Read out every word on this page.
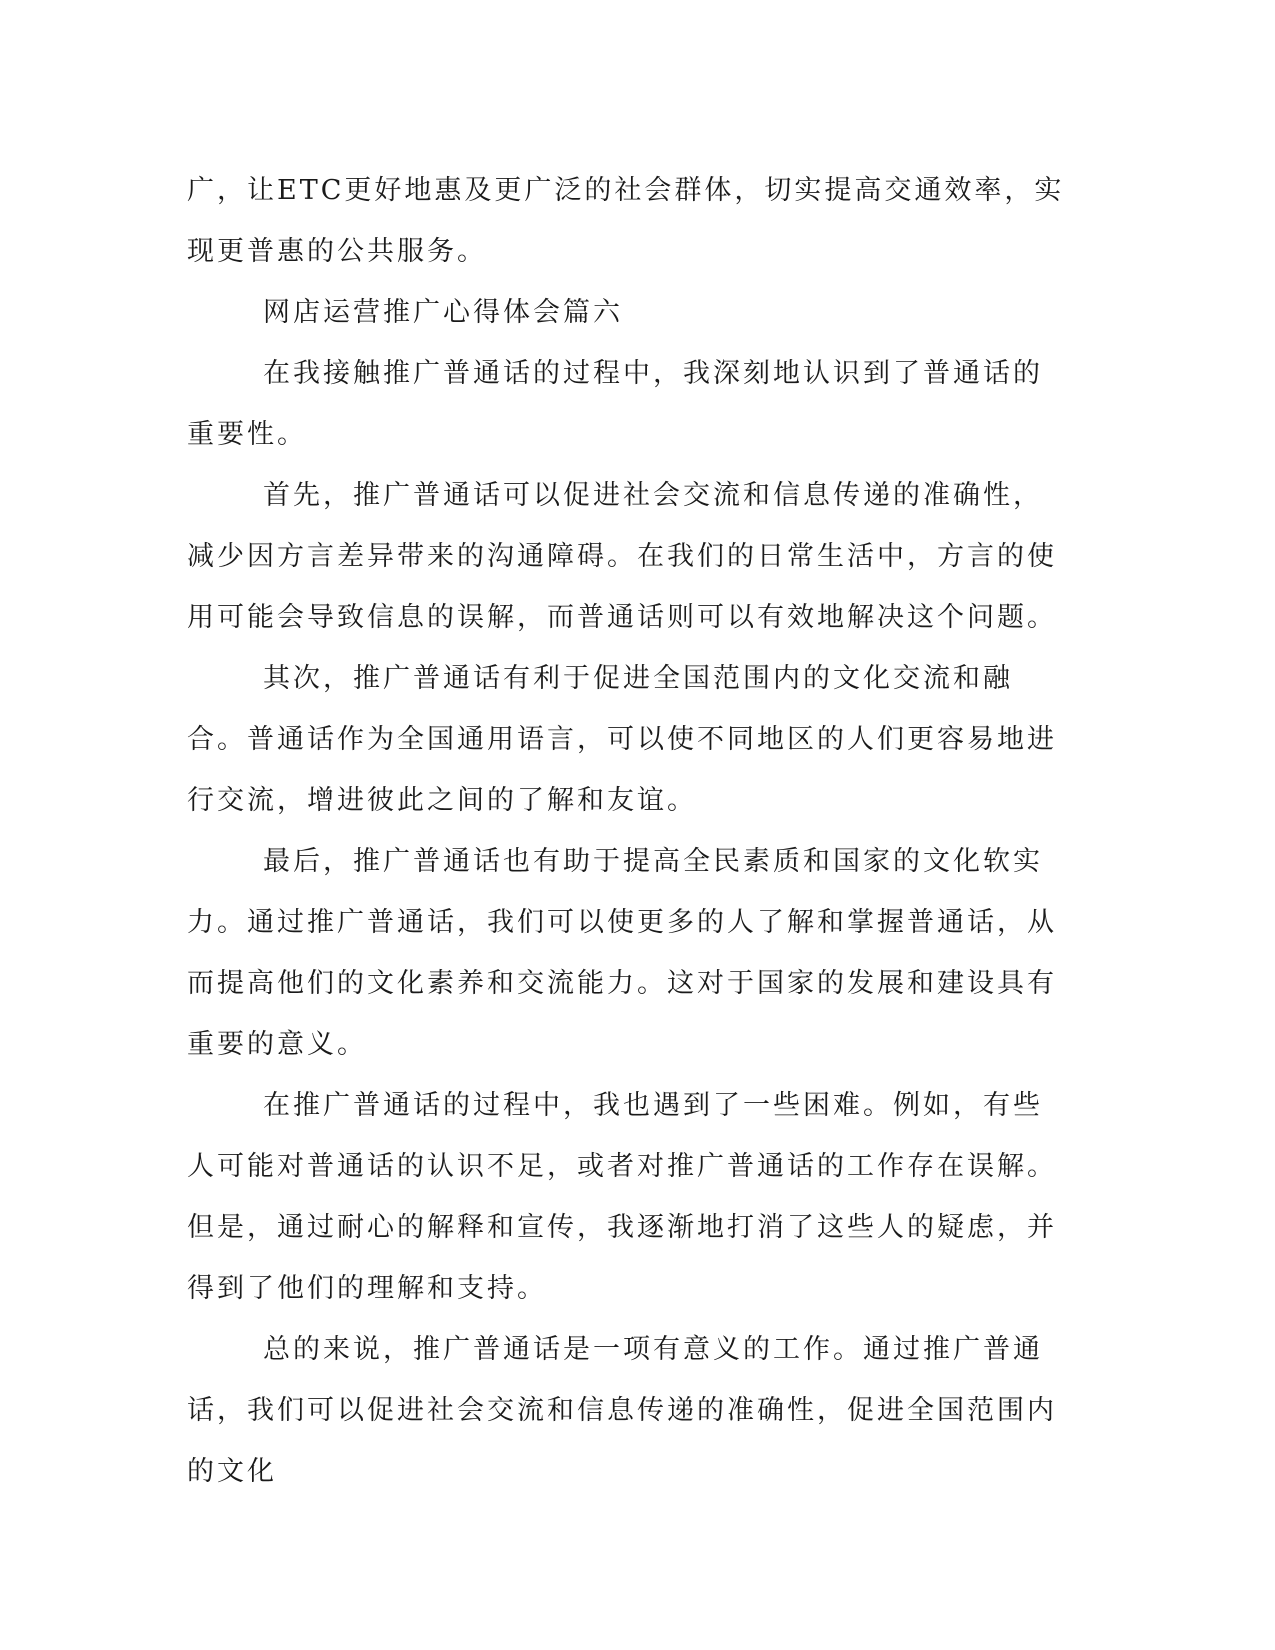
广，让ETC更好地惠及更广泛的社会群体，切实提高交通效率，实现更普惠的公共服务。

网店运营推广心得体会篇六

在我接触推广普通话的过程中，我深刻地认识到了普通话的重要性。

首先，推广普通话可以促进社会交流和信息传递的准确性，减少因方言差异带来的沟通障碍。在我们的日常生活中，方言的使用可能会导致信息的误解，而普通话则可以有效地解决这个问题。

其次，推广普通话有利于促进全国范围内的文化交流和融合。普通话作为全国通用语言，可以使不同地区的人们更容易地进行交流，增进彼此之间的了解和友谊。

最后，推广普通话也有助于提高全民素质和国家的文化软实力。通过推广普通话，我们可以使更多的人了解和掌握普通话，从而提高他们的文化素养和交流能力。这对于国家的发展和建设具有重要的意义。

在推广普通话的过程中，我也遇到了一些困难。例如，有些人可能对普通话的认识不足，或者对推广普通话的工作存在误解。但是，通过耐心的解释和宣传，我逐渐地打消了这些人的疑虑，并得到了他们的理解和支持。

总的来说，推广普通话是一项有意义的工作。通过推广普通话，我们可以促进社会交流和信息传递的准确性，促进全国范围内的文化
